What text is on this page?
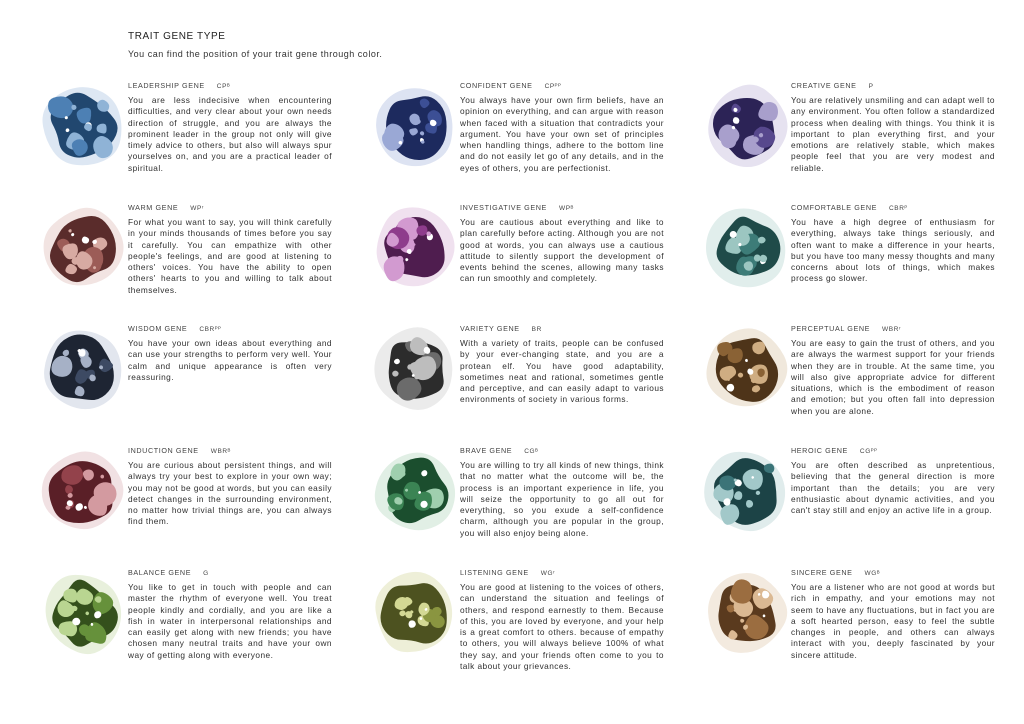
TRAIT GENE TYPE
You can find the position of your trait gene through color.
LEADERSHIP GENE CPᴮ
You are less indecisive when encountering difficulties, and very clear about your own needs direction of struggle, and you are always the prominent leader in the group not only will give timely advice to others, but also will always spur yourselves on, and you are a practical leader of spiritual.
CONFIDENT GENE CPᴾᴾ
You always have your own firm beliefs, have an opinion on everything, and can argue with reason when faced with a situation that contradicts your argument. You have your own set of principles when handling things, adhere to the bottom line and do not easily let go of any details, and in the eyes of others, you are perfectionist.
CREATIVE GENE P
You are relatively unsmiling and can adapt well to any environment. You often follow a standardized process when dealing with things. You think it is important to plan everything first, and your emotions are relatively stable, which makes people feel that you are very modest and reliable.
WARM GENE WPʳ
For what you want to say, you will think carefully in your minds thousands of times before you say it carefully. You can empathize with other people's feelings, and are good at listening to others' voices. You have the ability to open others' hearts to you and willing to talk about themselves.
INVESTIGATIVE GENE WPᴮ
You are cautious about everything and like to plan carefully before acting. Although you are not good at words, you can always use a cautious attitude to silently support the development of events behind the scenes, allowing many tasks can run smoothly and completely.
COMFORTABLE GENE CBRᴾ
You have a high degree of enthusiasm for everything, always take things seriously, and often want to make a difference in your hearts, but you have too many messy thoughts and many concerns about lots of things, which makes process go slower.
WISDOM GENE CBRᴾᴾ
You have your own ideas about everything and can use your strengths to perform very well. Your calm and unique appearance is often very reassuring.
VARIETY GENE BR
With a variety of traits, people can be confused by your ever-changing state, and you are a protean elf. You have good adaptability, sometimes neat and rational, sometimes gentle and perceptive, and can easily adapt to various environments of society in various forms.
PERCEPTUAL GENE WBRʳ
You are easy to gain the trust of others, and you are always the warmest support for your friends when they are in trouble. At the same time, you will also give appropriate advice for different situations, which is the embodiment of reason and emotion; but you often fall into depression when you are alone.
INDUCTION GENE WBRᴮ
You are curious about persistent things, and will always try your best to explore in your own way; you may not be good at words, but you can easily detect changes in the surrounding environment, no matter how trivial things are, you can always find them.
BRAVE GENE CGᴮ
You are willing to try all kinds of new things, think that no matter what the outcome will be, the process is an important experience in life, you will seize the opportunity to go all out for everything, so you exude a self-confidence charm, although you are popular in the group, you will also enjoy being alone.
HEROIC GENE CGᴾᴾ
You are often described as unpretentious, believing that the general direction is more important than the details; you are very enthusiastic about dynamic activities, and you can't stay still and enjoy an active life in a group.
BALANCE GENE G
You like to get in touch with people and can master the rhythm of everyone well. You treat people kindly and cordially, and you are like a fish in water in interpersonal relationships and can easily get along with new friends; you have chosen many neutral traits and have your own way of getting along with everyone.
LISTENING GENE WGʳ
You are good at listening to the voices of others, can understand the situation and feelings of others, and respond earnestly to them. Because of this, you are loved by everyone, and your help is a great comfort to others. because of empathy to others, you will always believe 100% of what they say, and your friends often come to you to talk about your grievances.
SINCERE GENE WGᴮ
You are a listener who are not good at words but rich in empathy, and your emotions may not seem to have any fluctuations, but in fact you are a soft hearted person, easy to feel the subtle changes in people, and others can always interact with you, deeply fascinated by your sincere attitude.
